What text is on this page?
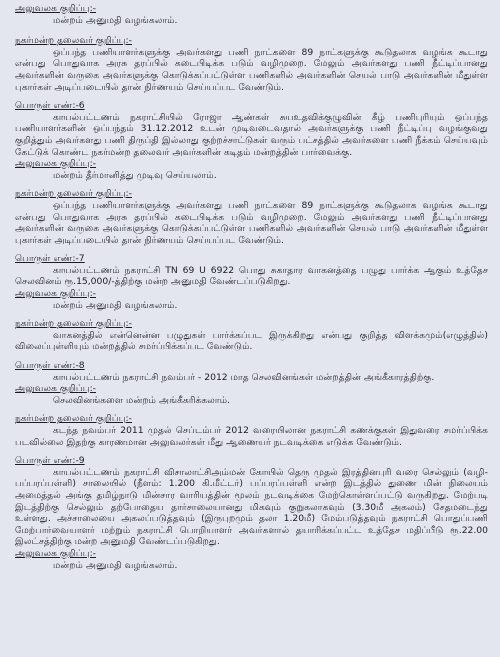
அலுவலக குறிப்பு:-
மன்றம் அனுமதி வழங்கலாம்.
நகர்மன்ற தலைவர் குறிப்பு:-
ஒப்பந்த பணியாளர்களுக்கு அவர்களது பணி நாட்களை 89 நாட்களுக்கு கூடுதலாக வழங்க கூடாது என்பது பொதுவாக அரசு தரப்பில் கடைபிடிக்க படும் வழிமுறை. மேலும் அவர்களது பணி நீட்டிப்பானது அவர்களின் வருகை அவர்களுக்கு கொடுக்கப்பட்டுள்ள பணிகளில் அவர்களின் செயல் பாடு அவர்களின் மீதுள்ள புகார்கள் அடிப்படையில் தான் நிர்ணயம் செய்யப்பட வேண்டும்.
பொருள் எண்:-6
காயல்பட்டணம் நகராட்சியில் ரோஜா ஆண்கள் சுயஉதவிக்குழுவின் கீழ் பணிபுரியும் ஒப்பந்த பணியாளர்களின் ஒப்பந்தம் 31.12.2012 உடன் முடிவடைவதால் அவர்களுக்கு பணி நீட்டிப்பு வழங்குவது குறித்தும் அவர்களது பணி திருப்தி இல்லாது குற்றச்சாட்டுகள் வரும் பட்சத்தில் அவர்களை பணி நீக்கம் செய்யவும் கேட்டுக் கொண்ட நகர்மன்ற தலைவர் அவர்களின் கடிதம் மன்றத்தின் பார்வைக்கு.
அலுவலக குறிப்பு:-
மன்றம் தீர்மானித்து முடிவு செய்யலாம்.
நகர்மன்ற தலைவர் குறிப்பு:-
ஒப்பந்த பணியாளர்களுக்கு அவர்களது பணி நாட்களை 89 நாட்களுக்கு கூடுதலாக வழங்க கூடாது என்பது பொதுவாக அரசு தரப்பில் கடைபிடிக்க படும் வழிமுறை. மேலும் அவர்களது பணி நீட்டிப்பானது அவர்களின் வருகை அவர்களுக்கு கொடுக்கப்பட்டுள்ள பணிகளில் அவர்களின் செயல் பாடு அவர்களின் மீதுள்ள புகார்கள் அடிப்படையில் தான் நிர்ணயம் செய்யப்பட வேண்டும்.
பொருள் எண்:-7
காயல்பட்டணம் நகராட்சி TN 69 U 6922 பொது சுகாதார வாகனத்தை பழுது பார்க்க ஆகும் உத்தேச செலவினம் ரூ.15,000/-த்திற்கு மன்ற அனுமதி வேண்டப்படுகிறது.
அலுவலக குறிப்பு:-
மன்றம் அனுமதி வழங்கலாம்.
நகர்மன்ற தலைவர் குறிப்பு:-
வாகனத்தில் என்னென்ன பழுதுகள் பார்க்கப்பட இருக்கிறது என்பது குறித்த விளக்கமும்(எழுத்தில்) விலைப்புள்ளியும் மன்றத்தில் சமர்ப்பிக்கப்பட வேண்டும்.
பொருள் எண்:-8
காயல்பட்டணம் நகராட்சி நவம்பர் - 2012 மாத செலவினங்கள் மன்றத்தின் அங்கீகாரத்திற்கு.
அலுவலக குறிப்பு:-
செலவினங்களை மன்றம் அங்கீகரிக்கலாம்.
நகர்மன்ற தலைவர் குறிப்பு:-
கடந்த நவம்பர் 2011 முதல் செப்டம்பர் 2012 வரையிலான நகராட்சி கணக்குகள் இதுவரை சமர்ப்பிக்க படவில்லை இதற்கு காரணமான அலுவலர்கள் மீது ஆணையர் நடவடிக்கை எடுக்க வேண்டும்.
பொருள் எண்:-9
காயல்பட்டணம் நகராட்சி விசாலாட்சிஅம்மன் கோயில் தெரு முதல் இரத்தினபுரி வரை செல்லும் (வழி-பப்பரப்பள்ளி) சாலையில் (நீளம்: 1.200 கி.மீட்டர்) பப்பரப்பள்ளி என்ற இடத்தில் துணை மின் நிலையம் அமைத்தல் அங்கு தமிழ்நாடு மின்சார வாரியத்தின் மூலம் நடவடிக்கை மேற்கொள்ளப்பட்டு வருகிறது. மேற்படி இடத்திற்கு செல்லும் தற்போதைய தார்சாலையானது மிகவும் குறுகலாகவும் (3.30மீ அகலம்) சேதமடைந்து உள்ளது. அச்சாலையை அகலப்படுத்தவும் (இருபுறமும் தலா 1.20மீ) மேம்படுத்தவும் நகராட்சி பொதுப்பணி மேற்பார்வையாளர் மற்றும் நகராட்சி பொறியாளர் அவர்களால் தயாரிக்கப்பட்ட உத்தேச மதிப்பீடு ரூ.22.00 இலட்சத்திற்கு மன்ற அனுமதி வேண்டப்படுகிறது.
அலுவலக குறிப்பு:-
மன்றம் அனுமதி வழங்கலாம்.
